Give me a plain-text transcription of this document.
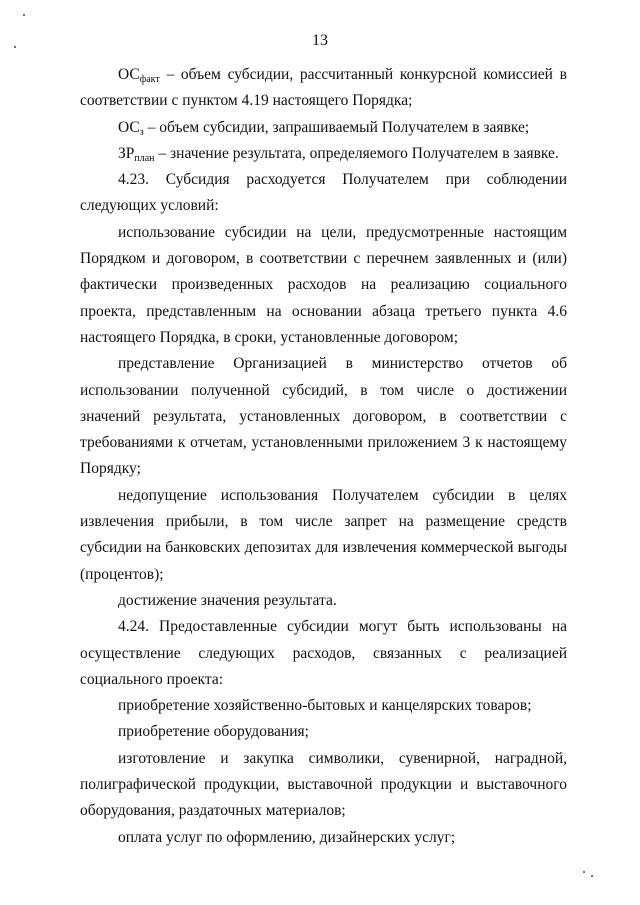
13

$ОС_{факт}$ – объем субсидии, рассчитанный конкурсной комиссией в соответствии с пунктом 4.19 настоящего Порядка;

$ОС_з$ – объем субсидии, запрашиваемый Получателем в заявке;

$ЗР_{план}$ – значение результата, определяемого Получателем в заявке.

4.23. Субсидия расходуется Получателем при соблюдении следующих условий:

использование субсидии на цели, предусмотренные настоящим Порядком и договором, в соответствии с перечнем заявленных и (или) фактически произведенных расходов на реализацию социального проекта, представленным на основании абзаца третьего пункта 4.6 настоящего Порядка, в сроки, установленные договором;

представление Организацией в министерство отчетов об использовании полученной субсидий, в том числе о достижении значений результата, установленных договором, в соответствии с требованиями к отчетам, установленными приложением 3 к настоящему Порядку;

недопущение использования Получателем субсидии в целях извлечения прибыли, в том числе запрет на размещение средств субсидии на банковских депозитах для извлечения коммерческой выгоды (процентов);

достижение значения результата.

4.24. Предоставленные субсидии могут быть использованы на осуществление следующих расходов, связанных с реализацией социального проекта:

приобретение хозяйственно-бытовых и канцелярских товаров;

приобретение оборудования;

изготовление и закупка символики, сувенирной, наградной, полиграфической продукции, выставочной продукции и выставочного оборудования, раздаточных материалов;

оплата услуг по оформлению, дизайнерских услуг;
